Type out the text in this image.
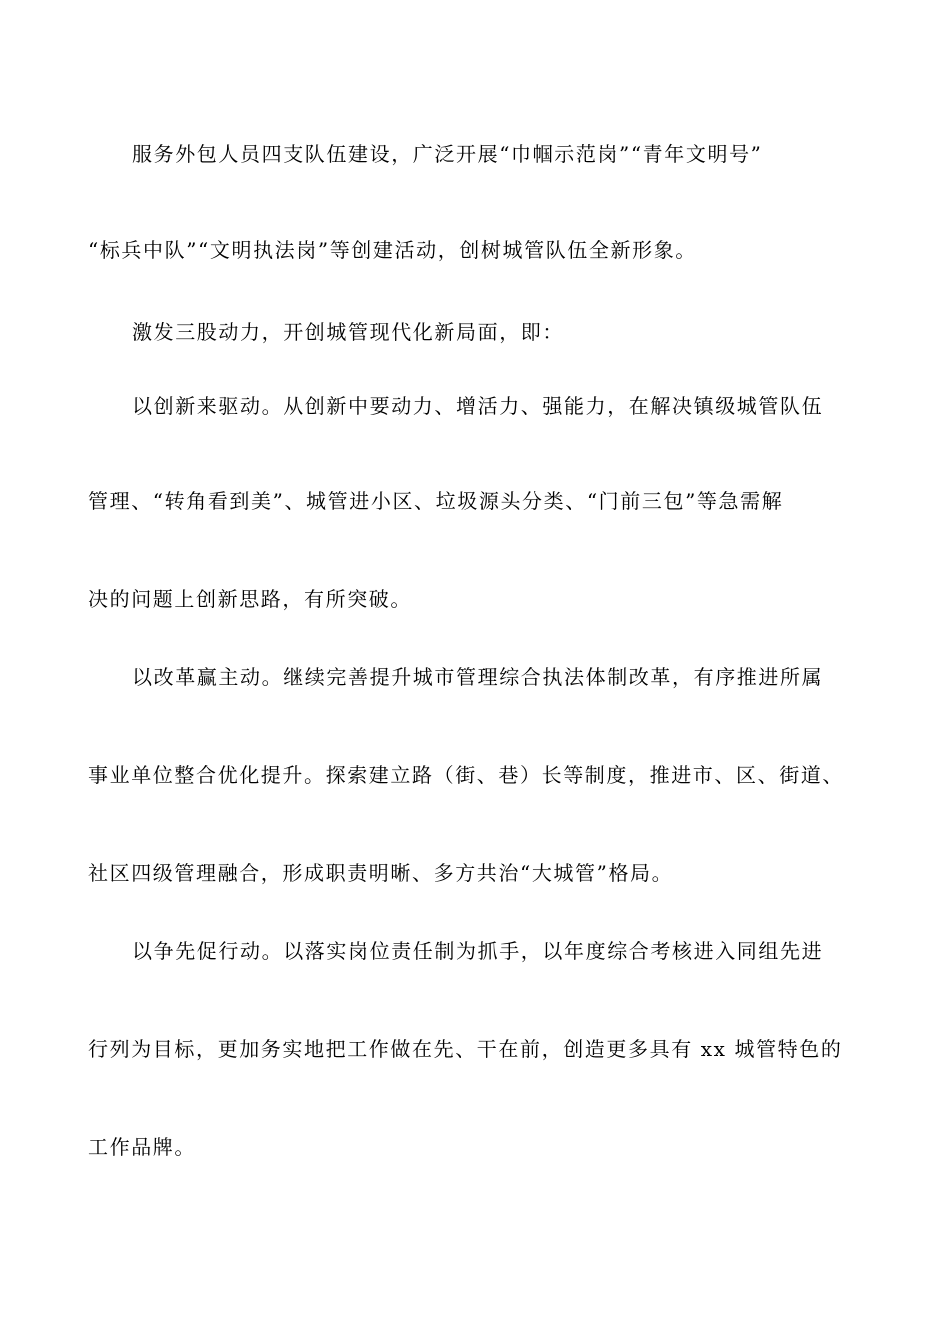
服务外包人员四支队伍建设，广泛开展“巾帼示范岗”“青年文明号”
“标兵中队”“文明执法岗”等创建活动，创树城管队伍全新形象。
激发三股动力，开创城管现代化新局面，即：
以创新来驱动。从创新中要动力、增活力、强能力，在解决镇级城管队伍
管理、“转角看到美”、城管进小区、垃圾源头分类、“门前三包”等急需解
决的问题上创新思路，有所突破。
以改革赢主动。继续完善提升城市管理综合执法体制改革，有序推进所属
事业单位整合优化提升。探索建立路（街、巷）长等制度，推进市、区、街道、
社区四级管理融合，形成职责明晰、多方共治“大城管”格局。
以争先促行动。以落实岗位责任制为抓手，以年度综合考核进入同组先进
行列为目标，更加务实地把工作做在先、干在前，创造更多具有 xx 城管特色的
工作品牌。
